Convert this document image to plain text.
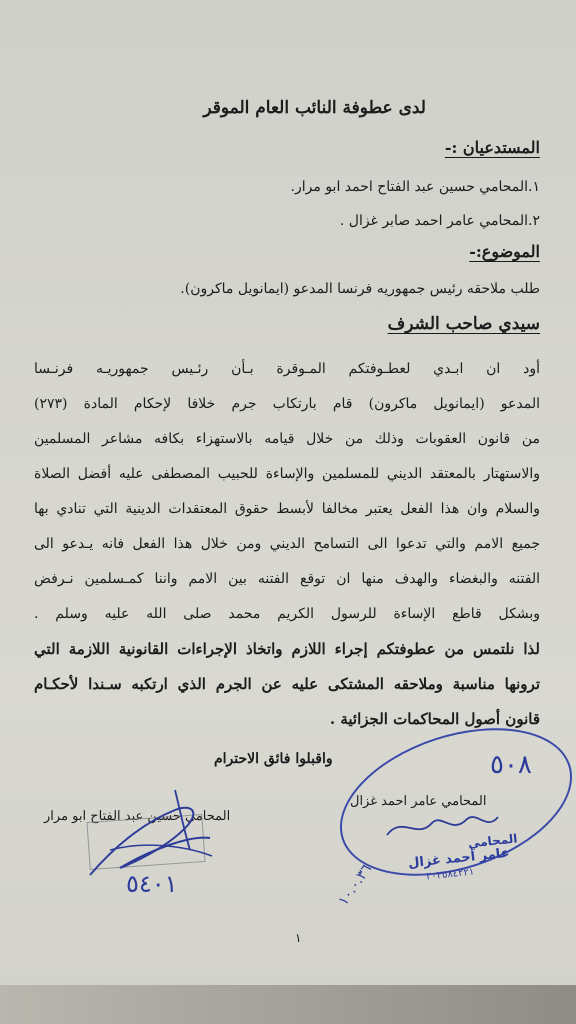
لدى عطوفة النائب العام الموقر

المستدعيان :-

١.المحامي حسين عبد الفتاح احمد ابو مرار.

٢.المحامي عامر احمد صابر غزال .

الموضوع:-

طلب ملاحقه رئيس جمهوريه فرنسا المدعو (ايمانويل ماكرون).

سيدي صاحب الشرف

أود ان ابـدي لعطـوفتكم المـوقرة بـأن رئـيس جمهوريـه فرنـسا

المدعو (ايمانويل ماكرون) قام بارتكاب جرم خلافا لإحكام المادة (٢٧٣)

من قانون العقوبات وذلك من خلال قيامه بالاستهزاء بكافه مشاعر المسلمين

والاستهتار بالمعتقد الديني للمسلمين والإساءة للحبيب المصطفى عليه أفضل الصلاة

والسلام وان هذا الفعل يعتبر مخالفا لأبسط حقوق المعتقدات الدينية التي تنادي بها

جميع الامم والتي تدعوا الى التسامح الديني ومن خلال هذا الفعل فانه يـدعو الى

الفتنه والبغضاء والهدف منها ان توقع الفتنه بين الامم واننا كمـسلمين نـرفض

وبشكل قاطع الإساءة للرسول الكريم محمد صلى الله عليه وسلم .

لذا نلتمس من عطوفتكم إجراء اللازم واتخاذ الإجراءات القانونية اللازمة التي

ترونها مناسبة وملاحقه المشتكى عليه عن الجرم الذي ارتكبه سـندا لأحكـام

قانون أصول المحاكمات الجزائية .

واقبلوا فائق الاحترام

المحامي حسين عبد الفتاح ابو مرار

المحامي عامر احمد غزال

٥٤٠١
٥٠٨
المحامي
عامر أحمد غزال
٢٠٢٥٨٤٢٢١
١٠.٠.٣٦

١
